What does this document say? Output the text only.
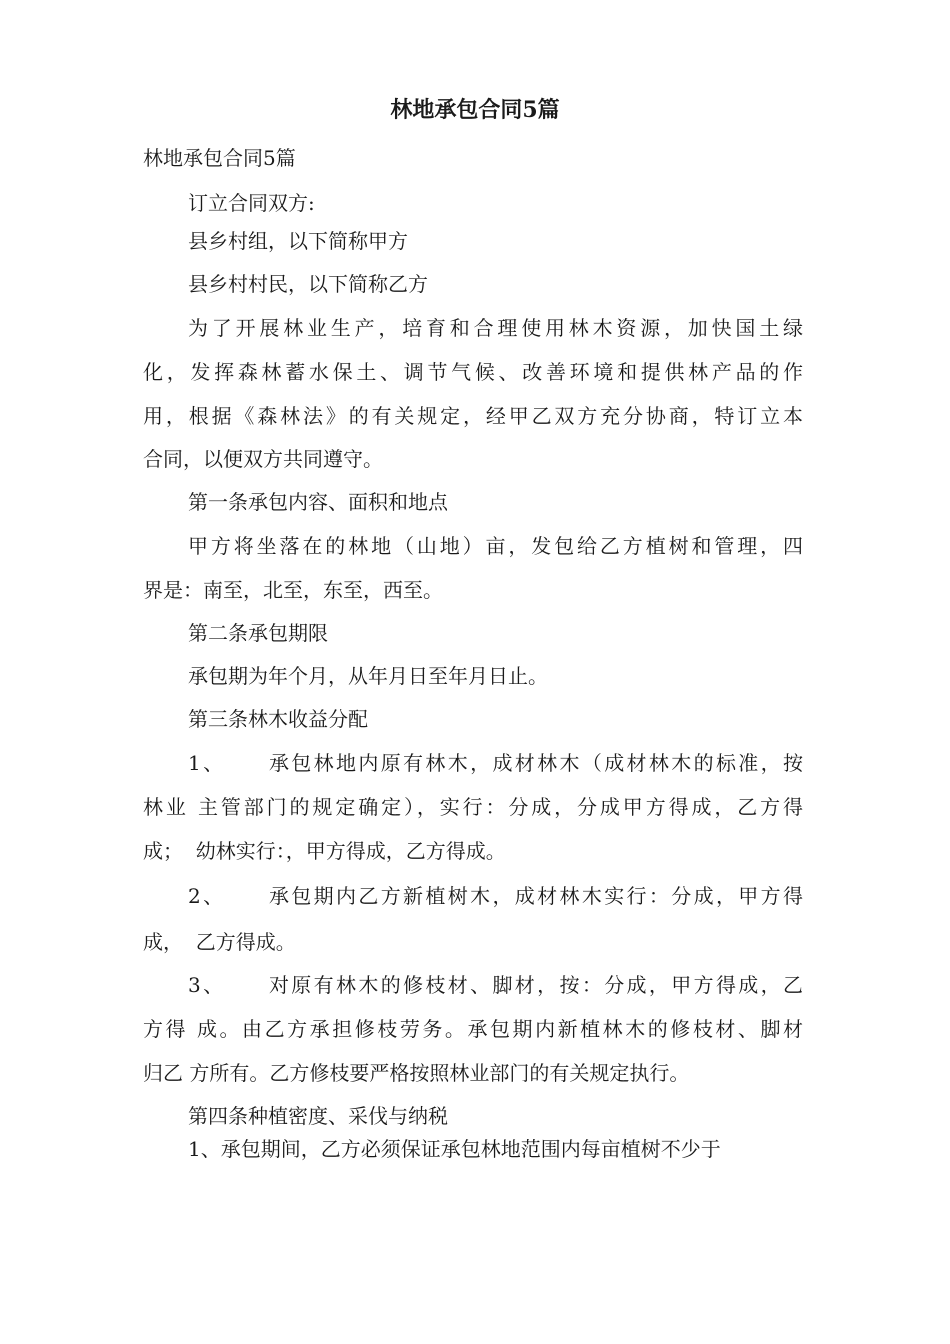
林地承包合同5篇
林地承包合同5篇
订立合同双方:
县乡村组，以下简称甲方
县乡村村民，以下简称乙方
为了开展林业生产，培育和合理使用林木资源，加快国土绿
化，发挥森林蓄水保土、调节气候、改善环境和提供林产品的作
用，根据《森林法》的有关规定，经甲乙双方充分协商，特订立本
合同，以便双方共同遵守。
第一条承包内容、面积和地点
甲方将坐落在的林地（山地）亩，发包给乙方植树和管理，四
界是：南至，北至，东至，西至。
第二条承包期限
承包期为年个月，从年月日至年月日止。
第三条林木收益分配
1、     承包林地内原有林木，成材林木（成材林木的标准，按
林业 主管部门的规定确定），实行：分成，分成甲方得成，乙方得
成；  幼林实行：，甲方得成，乙方得成。
2、     承包期内乙方新植树木，成材林木实行：分成，甲方得
成，  乙方得成。
3、     对原有林木的修枝材、脚材，按：分成，甲方得成，乙
方得 成。由乙方承担修枝劳务。承包期内新植林木的修枝材、脚材
归乙 方所有。乙方修枝要严格按照林业部门的有关规定执行。
第四条种植密度、采伐与纳税
1、承包期间，乙方必须保证承包林地范围内每亩植树不少于
